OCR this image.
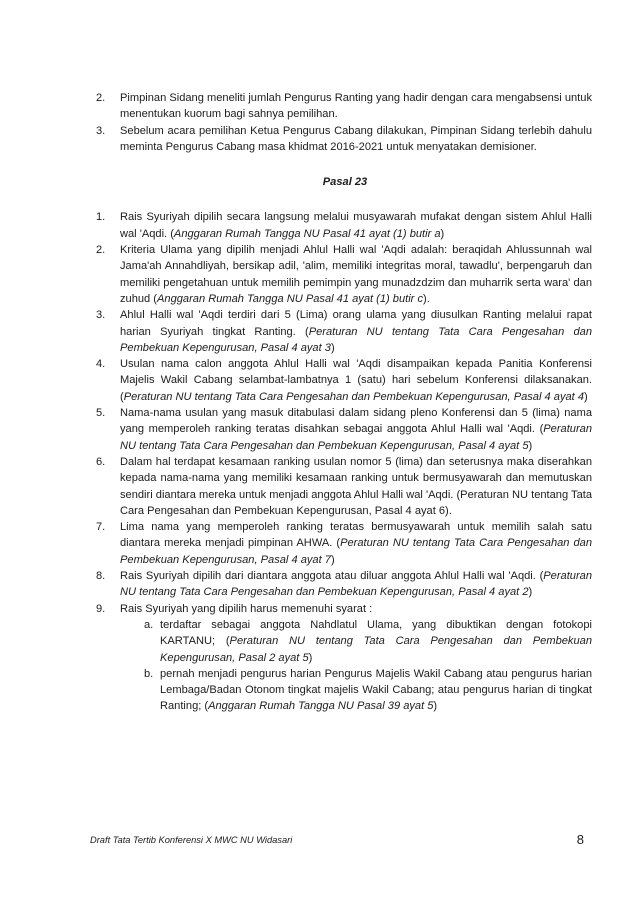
2. Pimpinan Sidang meneliti jumlah Pengurus Ranting yang hadir dengan cara mengabsensi untuk menentukan kuorum bagi sahnya pemilihan.
3. Sebelum acara pemilihan Ketua Pengurus Cabang dilakukan, Pimpinan Sidang terlebih dahulu meminta Pengurus Cabang masa khidmat 2016-2021 untuk menyatakan demisioner.
Pasal 23
1. Rais Syuriyah dipilih secara langsung melalui musyawarah mufakat dengan sistem Ahlul Halli wal 'Aqdi. (Anggaran Rumah Tangga NU Pasal 41 ayat (1) butir a)
2. Kriteria Ulama yang dipilih menjadi Ahlul Halli wal 'Aqdi adalah: beraqidah Ahlussunnah wal Jama'ah Annahdliyah, bersikap adil, 'alim, memiliki integritas moral, tawadlu', berpengaruh dan memiliki pengetahuan untuk memilih pemimpin yang munadzdzim dan muharrik serta wara' dan zuhud (Anggaran Rumah Tangga NU Pasal 41 ayat (1) butir c).
3. Ahlul Halli wal 'Aqdi terdiri dari 5 (Lima) orang ulama yang diusulkan Ranting melalui rapat harian Syuriyah tingkat Ranting. (Peraturan NU tentang Tata Cara Pengesahan dan Pembekuan Kepengurusan, Pasal 4 ayat 3)
4. Usulan nama calon anggota Ahlul Halli wal 'Aqdi disampaikan kepada Panitia Konferensi Majelis Wakil Cabang selambat-lambatnya 1 (satu) hari sebelum Konferensi dilaksanakan. (Peraturan NU tentang Tata Cara Pengesahan dan Pembekuan Kepengurusan, Pasal 4 ayat 4)
5. Nama-nama usulan yang masuk ditabulasi dalam sidang pleno Konferensi dan 5 (lima) nama yang memperoleh ranking teratas disahkan sebagai anggota Ahlul Halli wal 'Aqdi. (Peraturan NU tentang Tata Cara Pengesahan dan Pembekuan Kepengurusan, Pasal 4 ayat 5)
6. Dalam hal terdapat kesamaan ranking usulan nomor 5 (lima) dan seterusnya maka diserahkan kepada nama-nama yang memiliki kesamaan ranking untuk bermusyawarah dan memutuskan sendiri diantara mereka untuk menjadi anggota Ahlul Halli wal 'Aqdi. (Peraturan NU tentang Tata Cara Pengesahan dan Pembekuan Kepengurusan, Pasal 4 ayat 6).
7. Lima nama yang memperoleh ranking teratas bermusyawarah untuk memilih salah satu diantara mereka menjadi pimpinan AHWA. (Peraturan NU tentang Tata Cara Pengesahan dan Pembekuan Kepengurusan, Pasal 4 ayat 7)
8. Rais Syuriyah dipilih dari diantara anggota atau diluar anggota Ahlul Halli wal 'Aqdi. (Peraturan NU tentang Tata Cara Pengesahan dan Pembekuan Kepengurusan, Pasal 4 ayat 2)
9. Rais Syuriyah yang dipilih harus memenuhi syarat :
a. terdaftar sebagai anggota Nahdlatul Ulama, yang dibuktikan dengan fotokopi KARTANU; (Peraturan NU tentang Tata Cara Pengesahan dan Pembekuan Kepengurusan, Pasal 2 ayat 5)
b. pernah menjadi pengurus harian Pengurus Majelis Wakil Cabang atau pengurus harian Lembaga/Badan Otonom tingkat majelis Wakil Cabang; atau pengurus harian di tingkat Ranting; (Anggaran Rumah Tangga NU Pasal 39 ayat 5)
Draft Tata Tertib Konferensi X MWC NU Widasari	8
